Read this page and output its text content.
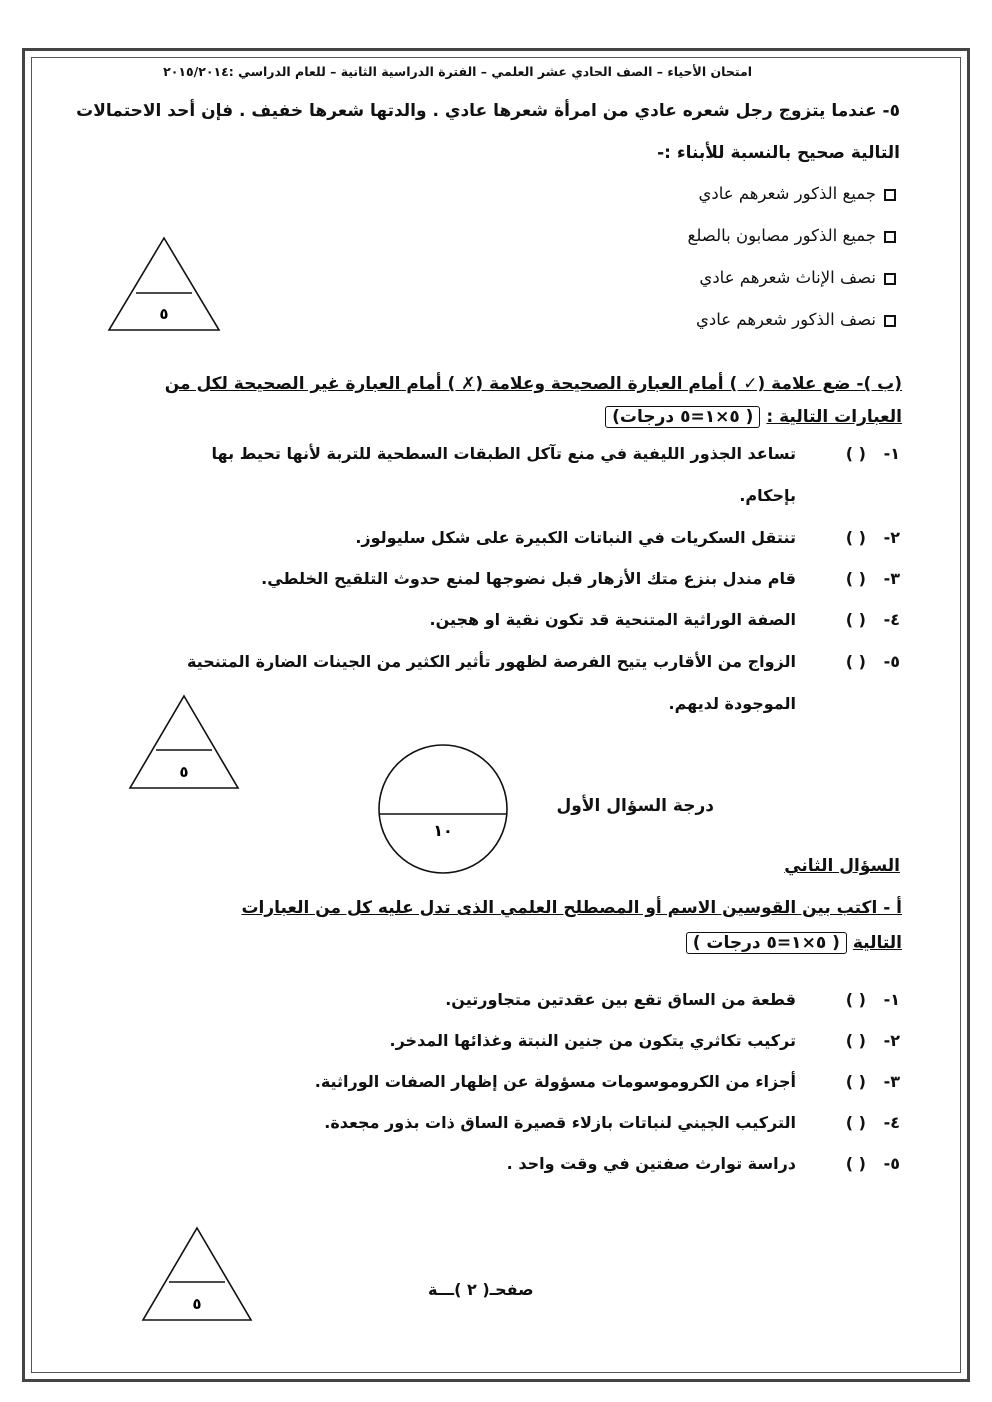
امتحان الأحياء – الصف الحادي عشر العلمي – الفترة الدراسية الثانية – للعام الدراسي :٢٠١٥/٢٠١٤
٥- عندما يتزوج رجل شعره عادي من امرأة شعرها عادي . والدتها شعرها خفيف . فإن أحد الاحتمالات
التالية صحيح بالنسبة للأبناء :-
جميع الذكور شعرهم عادي
جميع الذكور مصابون بالصلع
نصف الإناث شعرهم عادي
نصف الذكور شعرهم عادي
٥
(ب )- ضع علامة (✓ ) أمام العبارة الصحيحة وعلامة (✗ ) أمام العبارة غير الصحيحة لكل من
العبارات التالية : ( ٥×١=٥ درجات)
١-( )تساعد الجذور الليفية في منع تآكل الطبقات السطحية للتربة لأنها تحيط بها
بإحكام.
٢-( )تنتقل السكريات في النباتات الكبيرة على شكل سليولوز.
٣-( )قام مندل بنزع متك الأزهار قبل نضوجها لمنع حدوث التلقيح الخلطي.
٤-( )الصفة الوراثية المتنحية قد تكون نقية او هجين.
٥-( )الزواج من الأقارب يتيح الفرصة لظهور تأثير الكثير من الجينات الضارة المتنحية
الموجودة لديهم.
٥
١٠
درجة السؤال الأول
السؤال الثاني
أ - اكتب بين القوسين الاسم أو المصطلح العلمي الذى تدل عليه كل من العبارات
التالية ( ٥×١=٥ درجات )
١-( )قطعة من الساق تقع بين عقدتين متجاورتين.
٢-( )تركيب تكاثري يتكون من جنين النبتة وغذائها المدخر.
٣-( )أجزاء من الكروموسومات مسؤولة عن إظهار الصفات الوراثية.
٤-( )التركيب الجيني لنباتات بازلاء قصيرة الساق ذات بذور مجعدة.
٥-( )دراسة توارث صفتين في وقت واحد .
٥
صفحـ( ٢ )ـــة
